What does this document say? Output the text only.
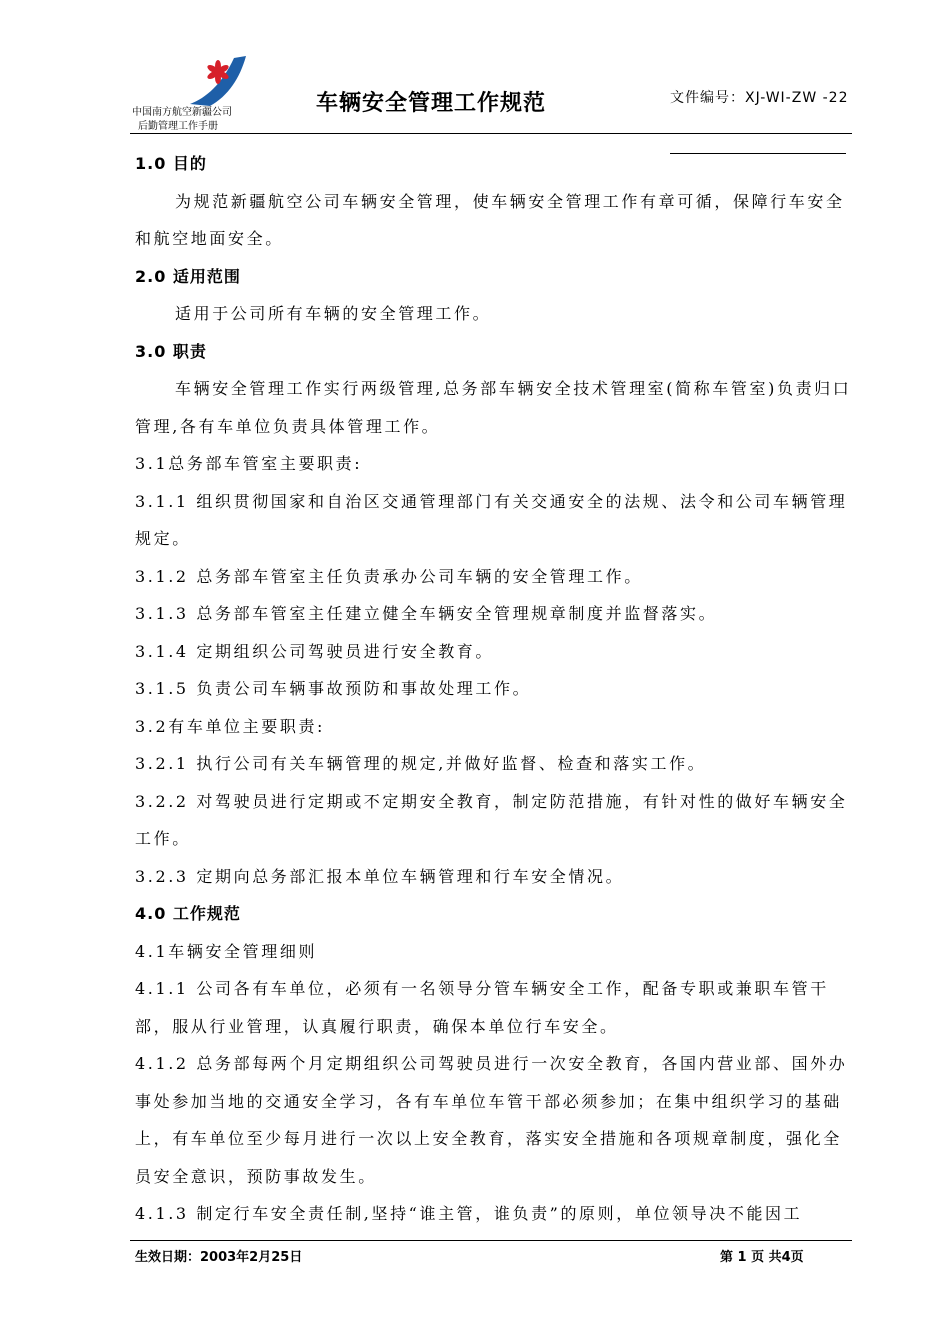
中国南方航空新疆公司
后勤管理工作手册
车辆安全管理工作规范	文件编号：XJ-WI-ZW -22

1.0 目的

为规范新疆航空公司车辆安全管理，使车辆安全管理工作有章可循，保障行车安全和航空地面安全。

2.0 适用范围

适用于公司所有车辆的安全管理工作。

3.0 职责

车辆安全管理工作实行两级管理,总务部车辆安全技术管理室(简称车管室)负责归口管理,各有车单位负责具体管理工作。

3.1总务部车管室主要职责:

3.1.1 组织贯彻国家和自治区交通管理部门有关交通安全的法规、法令和公司车辆管理规定。

3.1.2 总务部车管室主任负责承办公司车辆的安全管理工作。

3.1.3 总务部车管室主任建立健全车辆安全管理规章制度并监督落实。

3.1.4 定期组织公司驾驶员进行安全教育。

3.1.5 负责公司车辆事故预防和事故处理工作。

3.2有车单位主要职责:

3.2.1 执行公司有关车辆管理的规定,并做好监督、检查和落实工作。

3.2.2 对驾驶员进行定期或不定期安全教育，制定防范措施，有针对性的做好车辆安全工作。

3.2.3 定期向总务部汇报本单位车辆管理和行车安全情况。

4.0 工作规范

4.1车辆安全管理细则

4.1.1 公司各有车单位，必须有一名领导分管车辆安全工作，配备专职或兼职车管干部，服从行业管理，认真履行职责，确保本单位行车安全。

4.1.2 总务部每两个月定期组织公司驾驶员进行一次安全教育，各国内营业部、国外办事处参加当地的交通安全学习，各有车单位车管干部必须参加；在集中组织学习的基础上，有车单位至少每月进行一次以上安全教育，落实安全措施和各项规章制度，强化全员安全意识，预防事故发生。

4.1.3 制定行车安全责任制,坚持“谁主管，谁负责”的原则，单位领导决不能因工

生效日期：2003年2月25日	第 1 页 共4页
